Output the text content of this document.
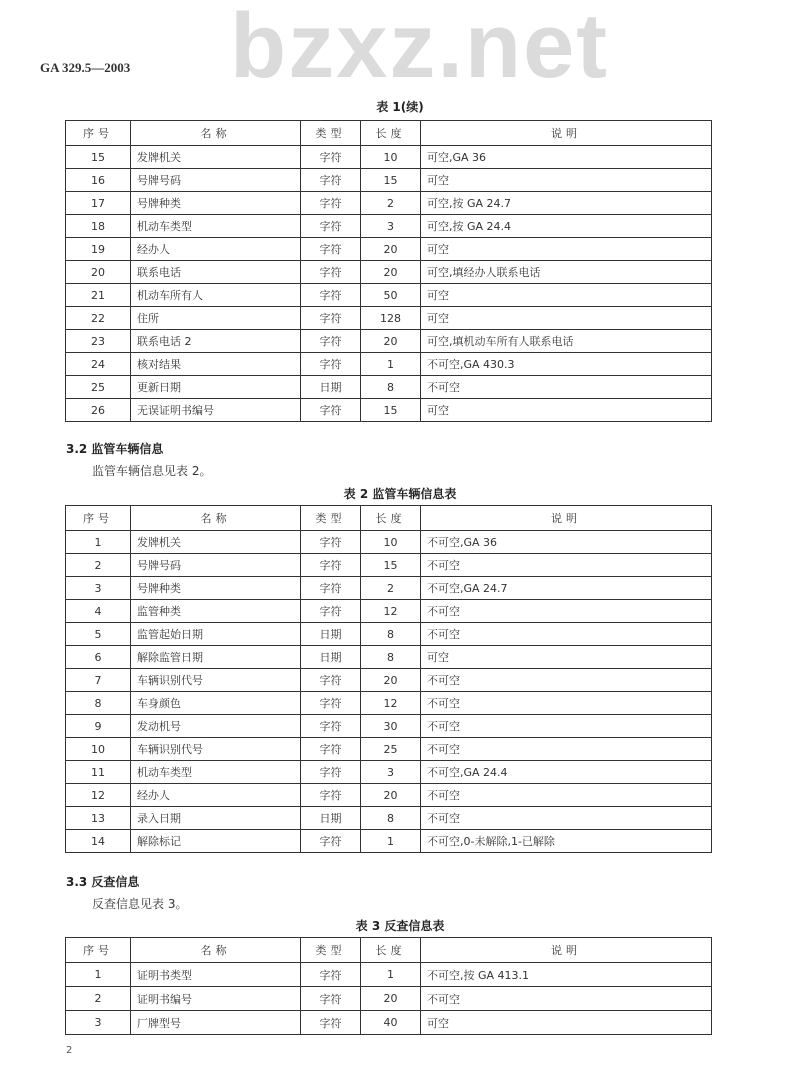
GA 329.5—2003 bzxz.net
表 1(续)
序号	名称	类型	长度	说明
15	发牌机关	字符	10	可空,GA 36
16	号牌号码	字符	15	可空
17	号牌种类	字符	2	可空,按 GA 24.7
18	机动车类型	字符	3	可空,按 GA 24.4
19	经办人	字符	20	可空
20	联系电话	字符	20	可空,填经办人联系电话
21	机动车所有人	字符	50	可空
22	住所	字符	128	可空
23	联系电话 2	字符	20	可空,填机动车所有人联系电话
24	核对结果	字符	1	不可空,GA 430.3
25	更新日期	日期	8	不可空
26	无误证明书编号	字符	15	可空
3.2 监管车辆信息
监管车辆信息见表 2。
表 2 监管车辆信息表
序号	名称	类型	长度	说明
1	发牌机关	字符	10	不可空,GA 36
2	号牌号码	字符	15	不可空
3	号牌种类	字符	2	不可空,GA 24.7
4	监管种类	字符	12	不可空
5	监管起始日期	日期	8	不可空
6	解除监管日期	日期	8	可空
7	车辆识别代号	字符	20	不可空
8	车身颜色	字符	12	不可空
9	发动机号	字符	30	不可空
10	车辆识别代号	字符	25	不可空
11	机动车类型	字符	3	不可空,GA 24.4
12	经办人	字符	20	不可空
13	录入日期	日期	8	不可空
14	解除标记	字符	1	不可空,0-未解除,1-已解除
3.3 反查信息
反查信息见表 3。
表 3 反查信息表
序号	名称	类型	长度	说明
1	证明书类型	字符	1	不可空,按 GA 413.1
2	证明书编号	字符	20	不可空
3	厂牌型号	字符	40	可空
2
